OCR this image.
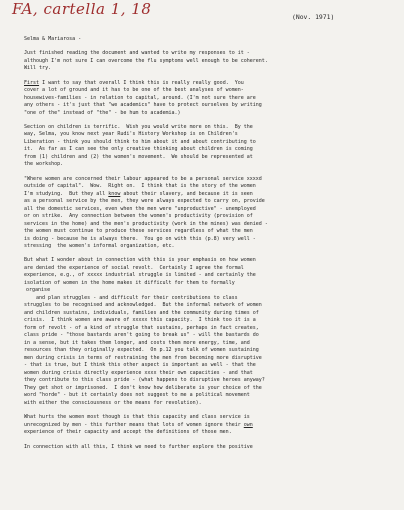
FA, cartella 1, 18	(Nov. 1971)

Selma & Mariarosa -

Just finished reading the document and wanted to write my responses to it -
although I'm not sure I can overcome the flu symptoms well enough to be coherent.
Will try.

First I want to say that overall I think this is really really good.  You
cover a lot of ground and it has to be one of the best analyses of women-
housewives-families - in relation to capital, around. (I'm not sure there are
any others - it's just that "we academics" have to protect ourselves by writing
"one of the" instead of "the" - be hum to academia.)

Section on children is terrific.  Wish you would write more on this.  By the
way, Selma, you know next year Rudi's History Workshop is on Children's
Liberation - think you should think to him about it and about contributing to
it.  As far as I can see the only creative thinking about children is coming
from (1) children and (2) the women's movement.  We should be represented at
the workshop.

"Where women are concerned their labour appeared to be a personal service xxxxd
outside of capital".  Wow.  Right on.  I think that is the story of the women
I'm studying.  But they all know about their slavery, and because it is seen
as a personal service by the men, they were always expected to carry on, provide
all the domestic services, even when the men were "unproductive" - unemployed
or on strike.  Any connection between the women's productivity (provision of
services in the home) and the men's productivity (work in the mines) was denied -
the women must continue to produce these services regardless of what the men
is doing - because he is always there.  You go on with this (p.8) very well -
stressing  the women's informal organization, etc.

But what I wonder about in connection with this is your emphasis on how women
are denied the experience of social revolt.  Certainly I agree the formal
experience, e.g., of xxxxx industrial struggle is limited - and certainly the
isolation of women in the home makes it difficult for them to formally
organise
and plan struggles - and difficult for their contributions to class
struggles to be recognised and acknowledged.  But the informal network of women
and children sustains, individuals, families and the community during times of
crisis.  I think women are aware of xxxxx this capacity.  I think too it is a
form of revolt - of a kind of struggle that sustains, perhaps in fact creates,
class pride - "those bastards aren't going to break us" - will the bastards do
in a sense, but it takes them longer, and costs them more energy, time, and
resources than they originally expected.  On p.12 you talk of women sustaining
men during crisis in terms of restraining the men from becoming more disruptive
- that is true, but I think this other aspect is important as well - that the
women during crisis directly experience xxxx their own capacities - and that
they contribute to this class pride - (what happens to disruptive heroes anyway?
They get shot or imprisoned.  I don't know how deliberate is your choice of the
word "horde" - but it certainly does not suggest to me a political movement
with either the consciousness or the means for revolution).

What hurts the women most though is that this capacity and class service is
unrecognized by men - this further means that lots of women ignore their own
experience of their capacity and accept the definitions of those men.

In connection with all this, I think we need to further explore the positive
